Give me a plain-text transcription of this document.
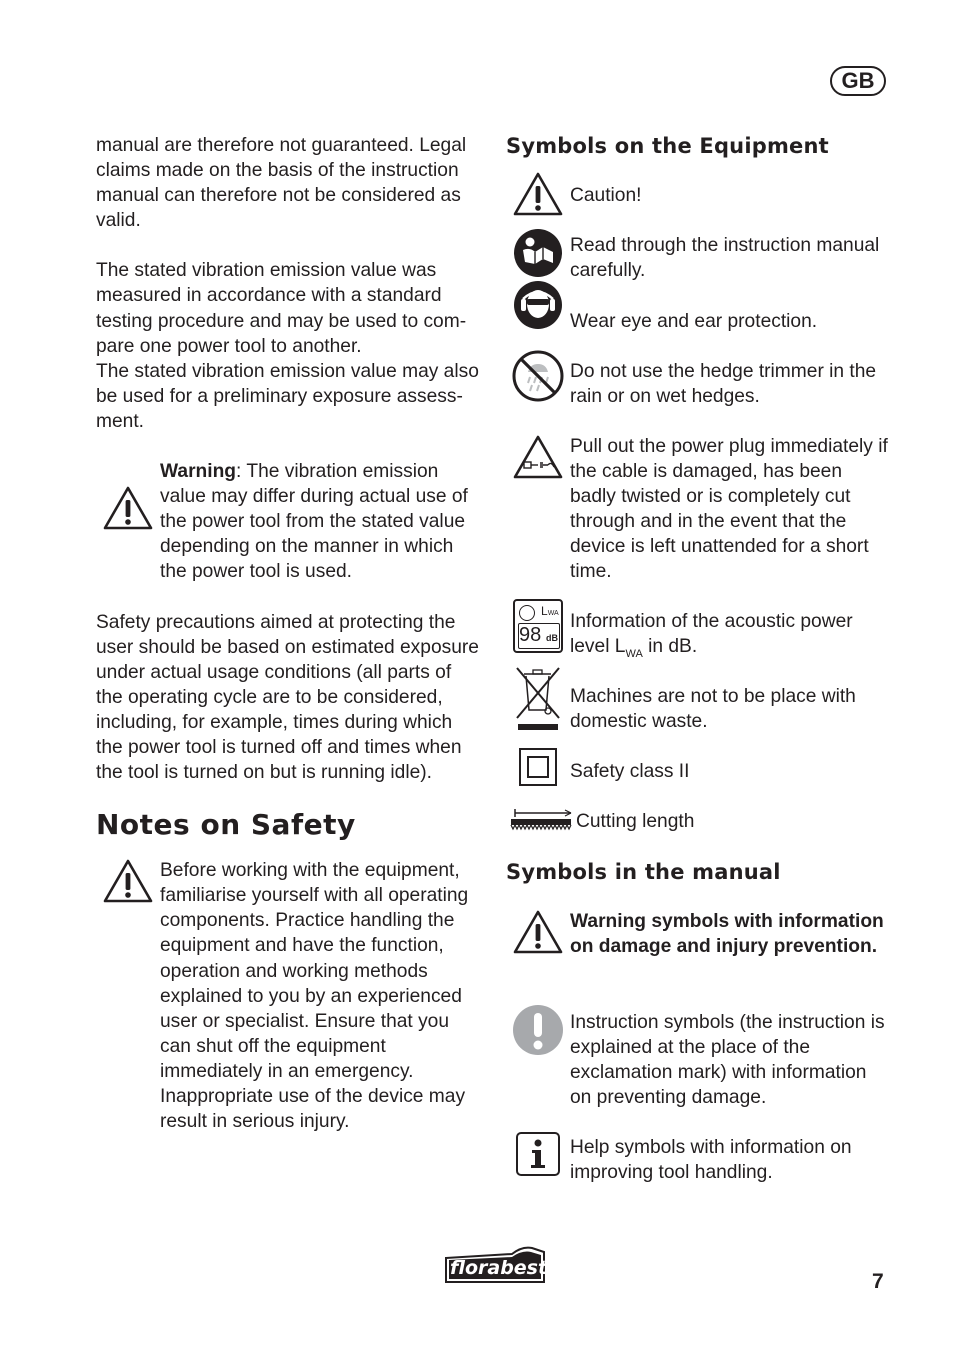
GB

manual are therefore not guaranteed. Legal claims made on the basis of the instruction manual can therefore not be considered as valid.

The stated vibration emission value was
measured in accordance with a standard
testing procedure and may be used to com-
pare one power tool to another.
The stated vibration emission value may also
be used for a preliminary exposure assess-
ment.

Warning: The vibration emission value may differ during actual use of the power tool from the stated value depending on the manner in which the power tool is used.

Safety precautions aimed at protecting the user should be based on estimated exposure under actual usage conditions (all parts of the operating cycle are to be considered, including, for example, times during which the power tool is turned off and times when the tool is turned on but is running idle).

Notes on Safety

Before working with the equipment, familiarise yourself with all operating components. Practice handling the equipment and have the function, operation and working methods explained to you by an experienced user or specialist. Ensure that you can shut off the equipment immediately in an emergency. Inappropriate use of the device may result in serious injury.

Symbols on the Equipment
Caution!
Read through the instruction manual carefully.
Wear eye and ear protection.
Do not use the hedge trimmer in the rain or on wet hedges.
Pull out the power plug immediately if the cable is damaged, has been badly twisted or is completely cut through and in the event that the device is left unattended for a short time.
LWA
98 dB
Information of the acoustic power level $L_{WA}$ in dB.
Machines are not to be place with domestic waste.
Safety class II
Cutting length
Symbols in the manual
Warning symbols with information on damage and injury prevention.
Instruction symbols (the instruction is explained at the place of the exclamation mark) with information on preventing damage.
Help symbols with information on improving tool handling.
florabest
7
